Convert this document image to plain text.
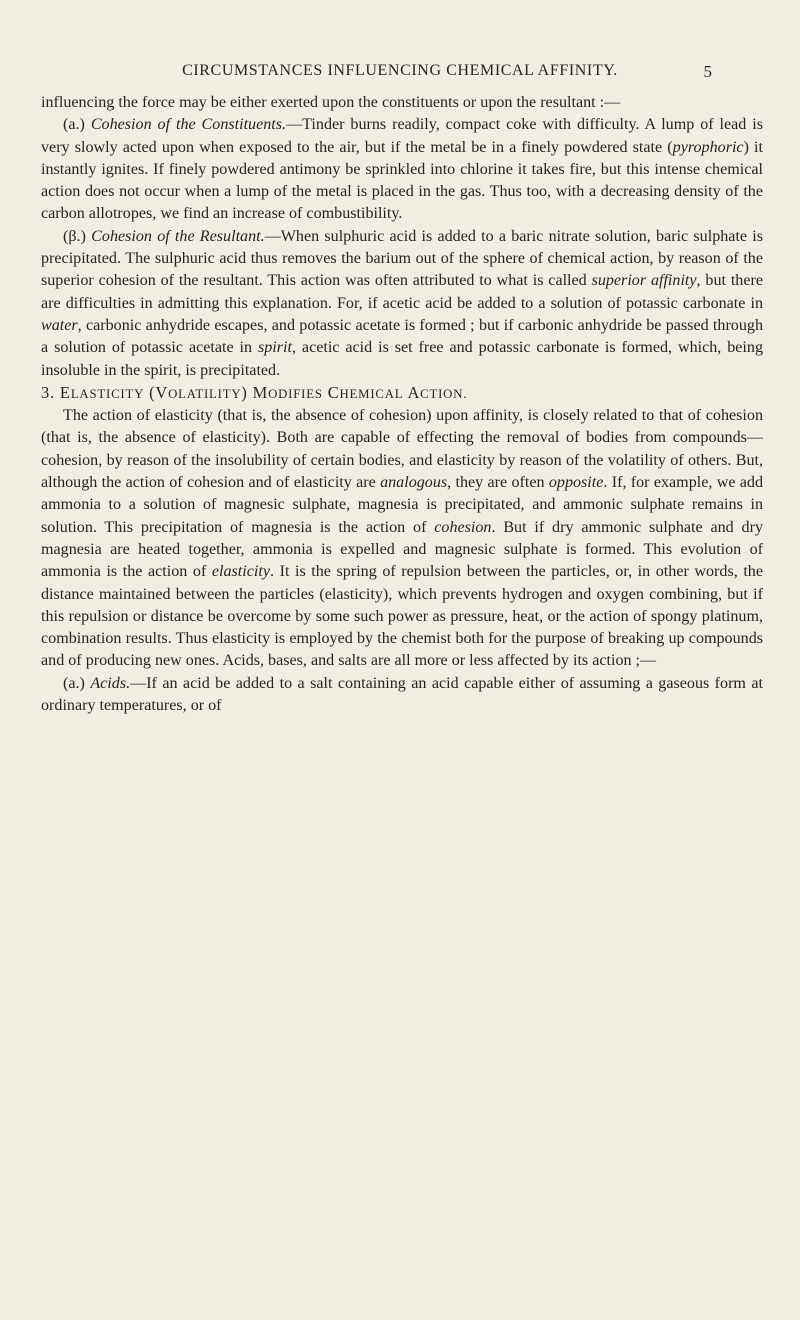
CIRCUMSTANCES INFLUENCING CHEMICAL AFFINITY.	5

influencing the force may be either exerted upon the constituents or upon the resultant :—

(a.) Cohesion of the Constituents.—Tinder burns readily, compact coke with difficulty. A lump of lead is very slowly acted upon when exposed to the air, but if the metal be in a finely powdered state (pyrophoric) it instantly ignites. If finely powdered antimony be sprinkled into chlorine it takes fire, but this intense chemical action does not occur when a lump of the metal is placed in the gas. Thus too, with a decreasing density of the carbon allotropes, we find an increase of combustibility.

(β.) Cohesion of the Resultant.—When sulphuric acid is added to a baric nitrate solution, baric sulphate is precipitated. The sulphuric acid thus removes the barium out of the sphere of chemical action, by reason of the superior cohesion of the resultant. This action was often attributed to what is called superior affinity, but there are difficulties in admitting this explanation. For, if acetic acid be added to a solution of potassic carbonate in water, carbonic anhydride escapes, and potassic acetate is formed ; but if carbonic anhydride be passed through a solution of potassic acetate in spirit, acetic acid is set free and potassic carbonate is formed, which, being insoluble in the spirit, is precipitated.

3. ELASTICITY (VOLATILITY) MODIFIES CHEMICAL ACTION.

The action of elasticity (that is, the absence of cohesion) upon affinity, is closely related to that of cohesion (that is, the absence of elasticity). Both are capable of effecting the removal of bodies from compounds—cohesion, by reason of the insolubility of certain bodies, and elasticity by reason of the volatility of others. But, although the action of cohesion and of elasticity are analogous, they are often opposite. If, for example, we add ammonia to a solution of magnesic sulphate, magnesia is precipitated, and ammonic sulphate remains in solution. This precipitation of magnesia is the action of cohesion. But if dry ammonic sulphate and dry magnesia are heated together, ammonia is expelled and magnesic sulphate is formed. This evolution of ammonia is the action of elasticity. It is the spring of repulsion between the particles, or, in other words, the distance maintained between the particles (elasticity), which prevents hydrogen and oxygen combining, but if this repulsion or distance be overcome by some such power as pressure, heat, or the action of spongy platinum, combination results. Thus elasticity is employed by the chemist both for the purpose of breaking up compounds and of producing new ones. Acids, bases, and salts are all more or less affected by its action ;—

(a.) Acids.—If an acid be added to a salt containing an acid capable either of assuming a gaseous form at ordinary temperatures, or of
